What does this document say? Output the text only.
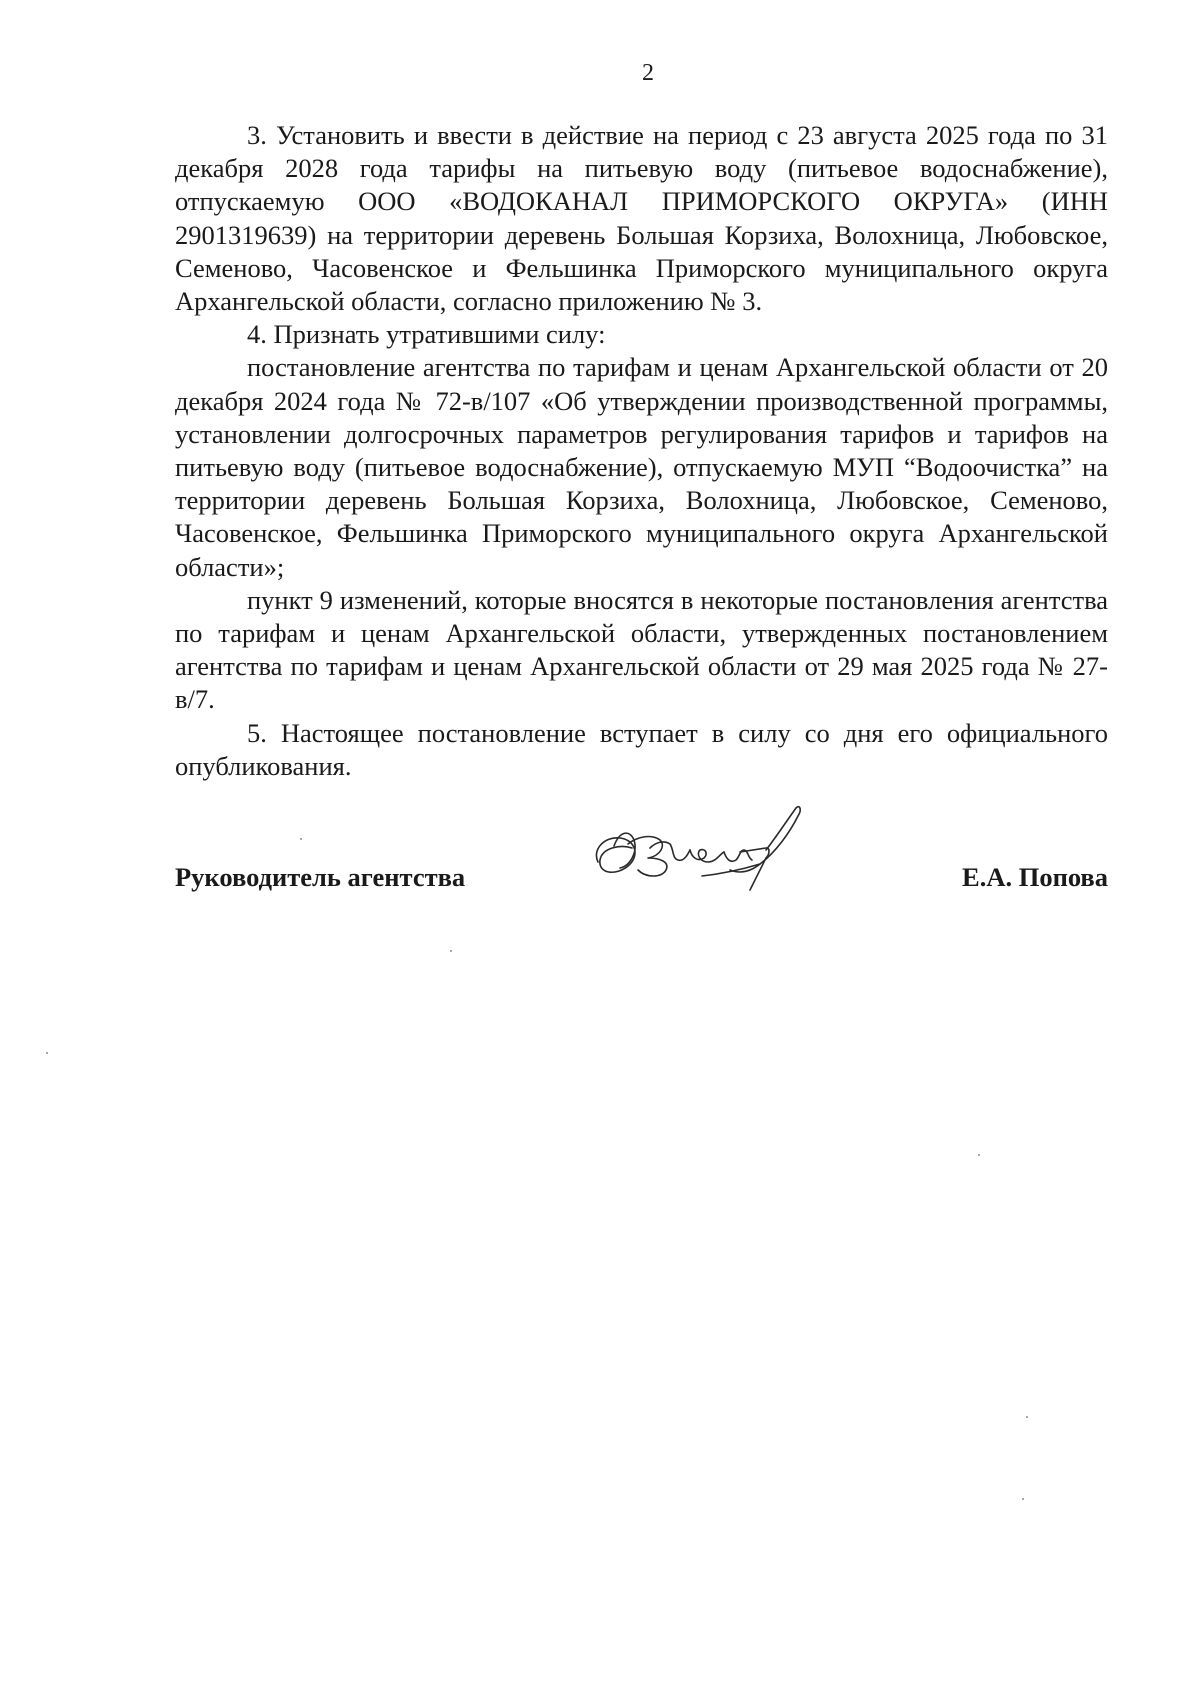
2

3. Установить и ввести в действие на период с 23 августа 2025 года по 31 декабря 2028 года тарифы на питьевую воду (питьевое водоснабжение), отпускаемую ООО «ВОДОКАНАЛ ПРИМОРСКОГО ОКРУГА» (ИНН 2901319639) на территории деревень Большая Корзиха, Волохница, Любовское, Семеново, Часовенское и Фельшинка Приморского муниципального округа Архангельской области, согласно приложению № 3.

4. Признать утратившими силу:

постановление агентства по тарифам и ценам Архангельской области от 20 декабря 2024 года № 72-в/107 «Об утверждении производственной программы, установлении долгосрочных параметров регулирования тарифов и тарифов на питьевую воду (питьевое водоснабжение), отпускаемую МУП “Водоочистка” на территории деревень Большая Корзиха, Волохница, Любовское, Семеново, Часовенское, Фельшинка Приморского муниципального округа Архангельской области»;

пункт 9 изменений, которые вносятся в некоторые постановления агентства по тарифам и ценам Архангельской области, утвержденных постановлением агентства по тарифам и ценам Архангельской области от 29 мая 2025 года № 27-в/7.

5. Настоящее постановление вступает в силу со дня его официального опубликования.

Руководитель агентства	Е.А. Попова
